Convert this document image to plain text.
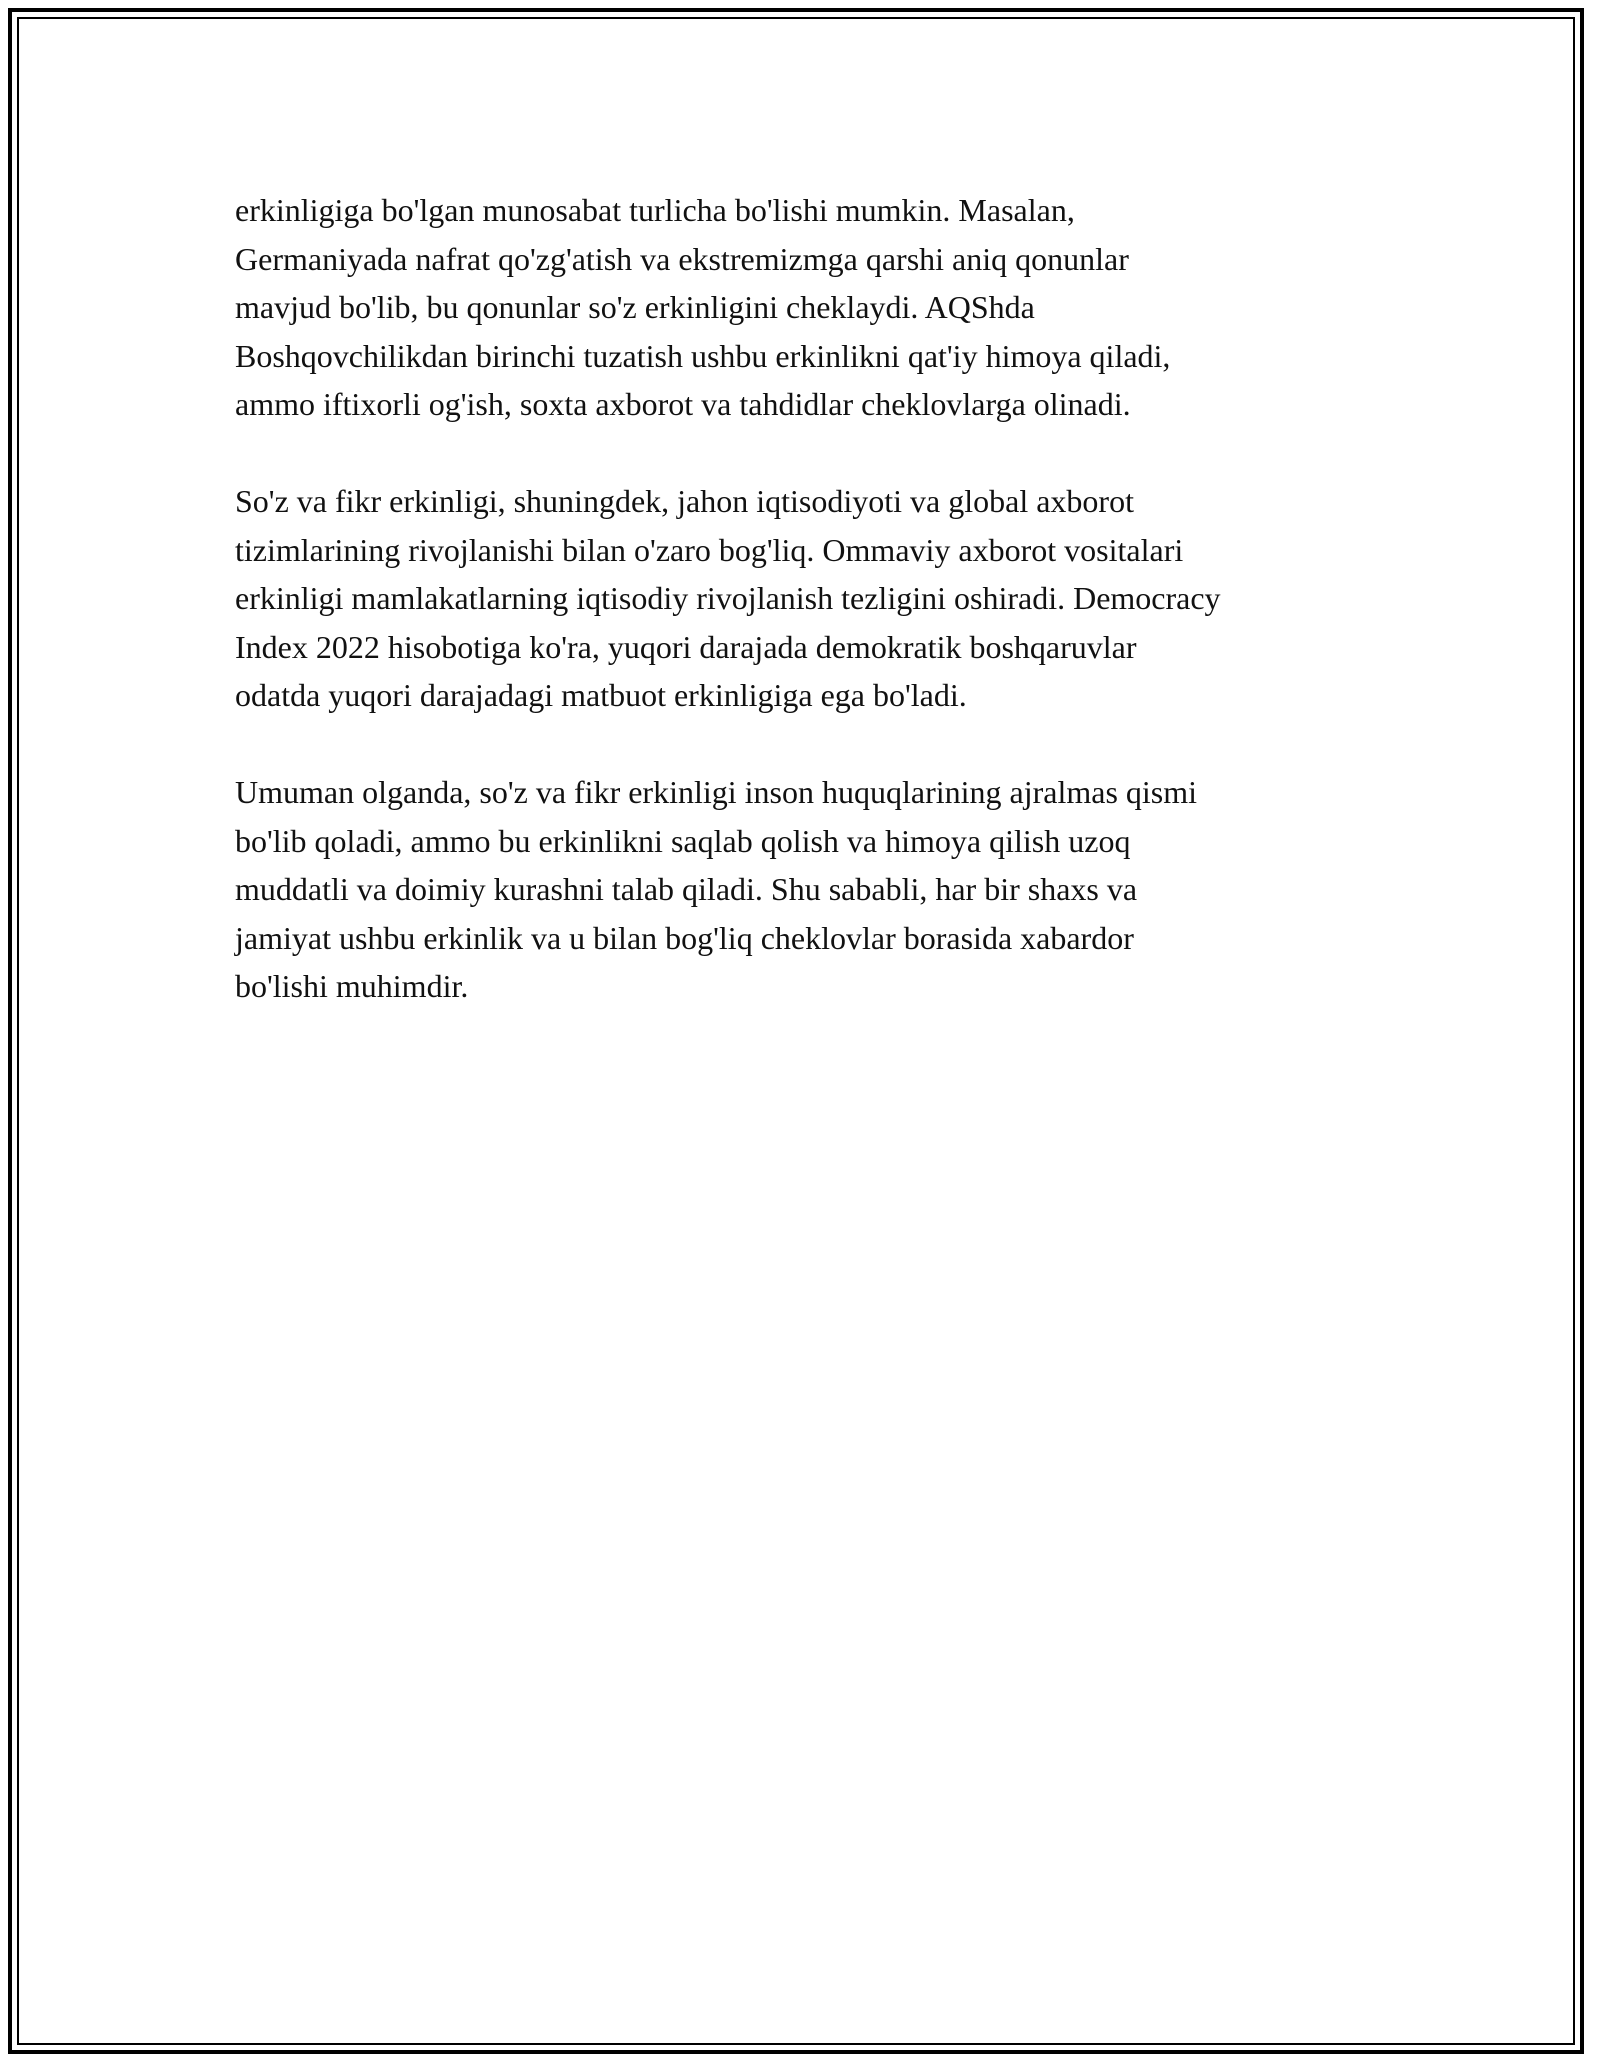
erkinligiga bo'lgan munosabat turlicha bo'lishi mumkin. Masalan,
Germaniyada nafrat qo'zg'atish va ekstremizmga qarshi aniq qonunlar
mavjud bo'lib, bu qonunlar so'z erkinligini cheklaydi. AQShda
Boshqovchilikdan birinchi tuzatish ushbu erkinlikni qat'iy himoya qiladi,
ammo iftixorli og'ish, soxta axborot va tahdidlar cheklovlarga olinadi.

So'z va fikr erkinligi, shuningdek, jahon iqtisodiyoti va global axborot
tizimlarining rivojlanishi bilan o'zaro bog'liq. Ommaviy axborot vositalari
erkinligi mamlakatlarning iqtisodiy rivojlanish tezligini oshiradi. Democracy
Index 2022 hisobotiga ko'ra, yuqori darajada demokratik boshqaruvlar
odatda yuqori darajadagi matbuot erkinligiga ega bo'ladi.

Umuman olganda, so'z va fikr erkinligi inson huquqlarining ajralmas qismi
bo'lib qoladi, ammo bu erkinlikni saqlab qolish va himoya qilish uzoq
muddatli va doimiy kurashni talab qiladi. Shu sababli, har bir shaxs va
jamiyat ushbu erkinlik va u bilan bog'liq cheklovlar borasida xabardor
bo'lishi muhimdir.
